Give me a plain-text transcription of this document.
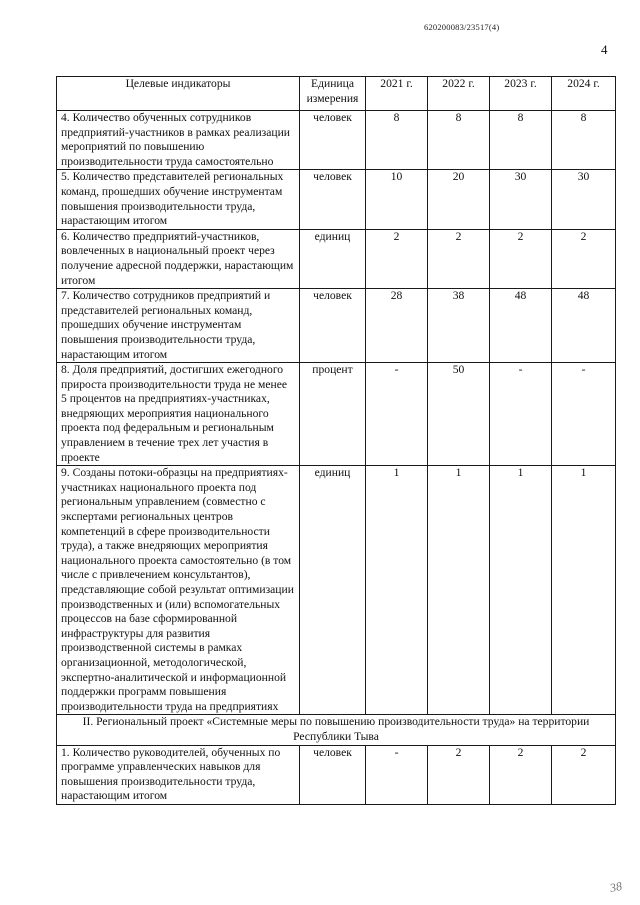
620200083/23517(4)
4
Целевые индикаторы	Единица измерения	2021 г.	2022 г.	2023 г.	2024 г.
4. Количество обученных сотрудников предприятий-участников в рамках реализации мероприятий по повышению производительности труда самостоятельно	человек	8	8	8	8
5. Количество представителей региональных команд, прошедших обучение инструментам повышения производительности труда, нарастающим итогом	человек	10	20	30	30
6. Количество предприятий-участников, вовлеченных в национальный проект через получение адресной поддержки, нарастающим итогом	единиц	2	2	2	2
7. Количество сотрудников предприятий и представителей региональных команд, прошедших обучение инструментам повышения производительности труда, нарастающим итогом	человек	28	38	48	48
8. Доля предприятий, достигших ежегодного прироста производительности труда не менее 5 процентов на предприятиях-участниках, внедряющих мероприятия национального проекта под федеральным и региональным управлением в течение трех лет участия в проекте	процент	-	50	-	-
9. Созданы потоки-образцы на предприятиях-участниках национального проекта под региональным управлением (совместно с экспертами региональных центров компетенций в сфере производительности труда), а также внедряющих мероприятия национального проекта самостоятельно (в том числе с привлечением консультантов), представляющие собой результат оптимизации производственных и (или) вспомогательных процессов на базе сформированной инфраструктуры для развития производственной системы в рамках организационной, методологической, экспертно-аналитической и информационной поддержки программ повышения производительности труда на предприятиях	единиц	1	1	1	1
II. Региональный проект «Системные меры по повышению производительности труда» на территории Республики Тыва					
1. Количество руководителей, обученных по программе управленческих навыков для повышения производительности труда, нарастающим итогом	человек	-	2	2	2
38
